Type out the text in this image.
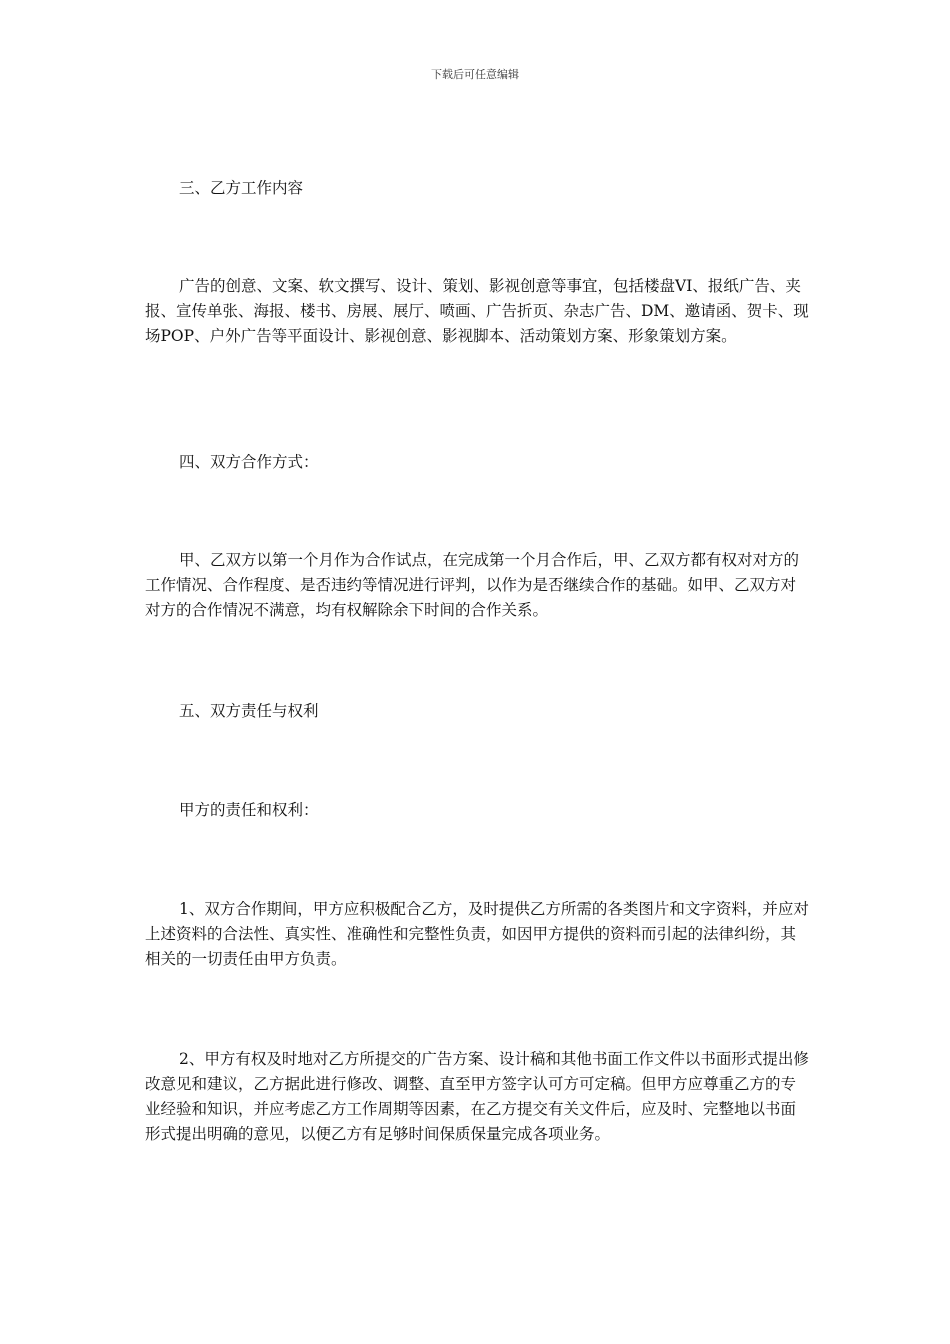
下载后可任意编辑

三、乙方工作内容

广告的创意、文案、软文撰写、设计、策划、影视创意等事宜，包括楼盘VI、报纸广告、夹报、宣传单张、海报、楼书、房展、展厅、喷画、广告折页、杂志广告、DM、邀请函、贺卡、现场POP、户外广告等平面设计、影视创意、影视脚本、活动策划方案、形象策划方案。

四、双方合作方式：

甲、乙双方以第一个月作为合作试点，在完成第一个月合作后，甲、乙双方都有权对对方的工作情况、合作程度、是否违约等情况进行评判，以作为是否继续合作的基础。如甲、乙双方对对方的合作情况不满意，均有权解除余下时间的合作关系。

五、双方责任与权利

甲方的责任和权利：

1、双方合作期间，甲方应积极配合乙方，及时提供乙方所需的各类图片和文字资料，并应对上述资料的合法性、真实性、准确性和完整性负责，如因甲方提供的资料而引起的法律纠纷，其相关的一切责任由甲方负责。

2、甲方有权及时地对乙方所提交的广告方案、设计稿和其他书面工作文件以书面形式提出修改意见和建议，乙方据此进行修改、调整、直至甲方签字认可方可定稿。但甲方应尊重乙方的专业经验和知识，并应考虑乙方工作周期等因素，在乙方提交有关文件后，应及时、完整地以书面形式提出明确的意见，以便乙方有足够时间保质保量完成各项业务。
